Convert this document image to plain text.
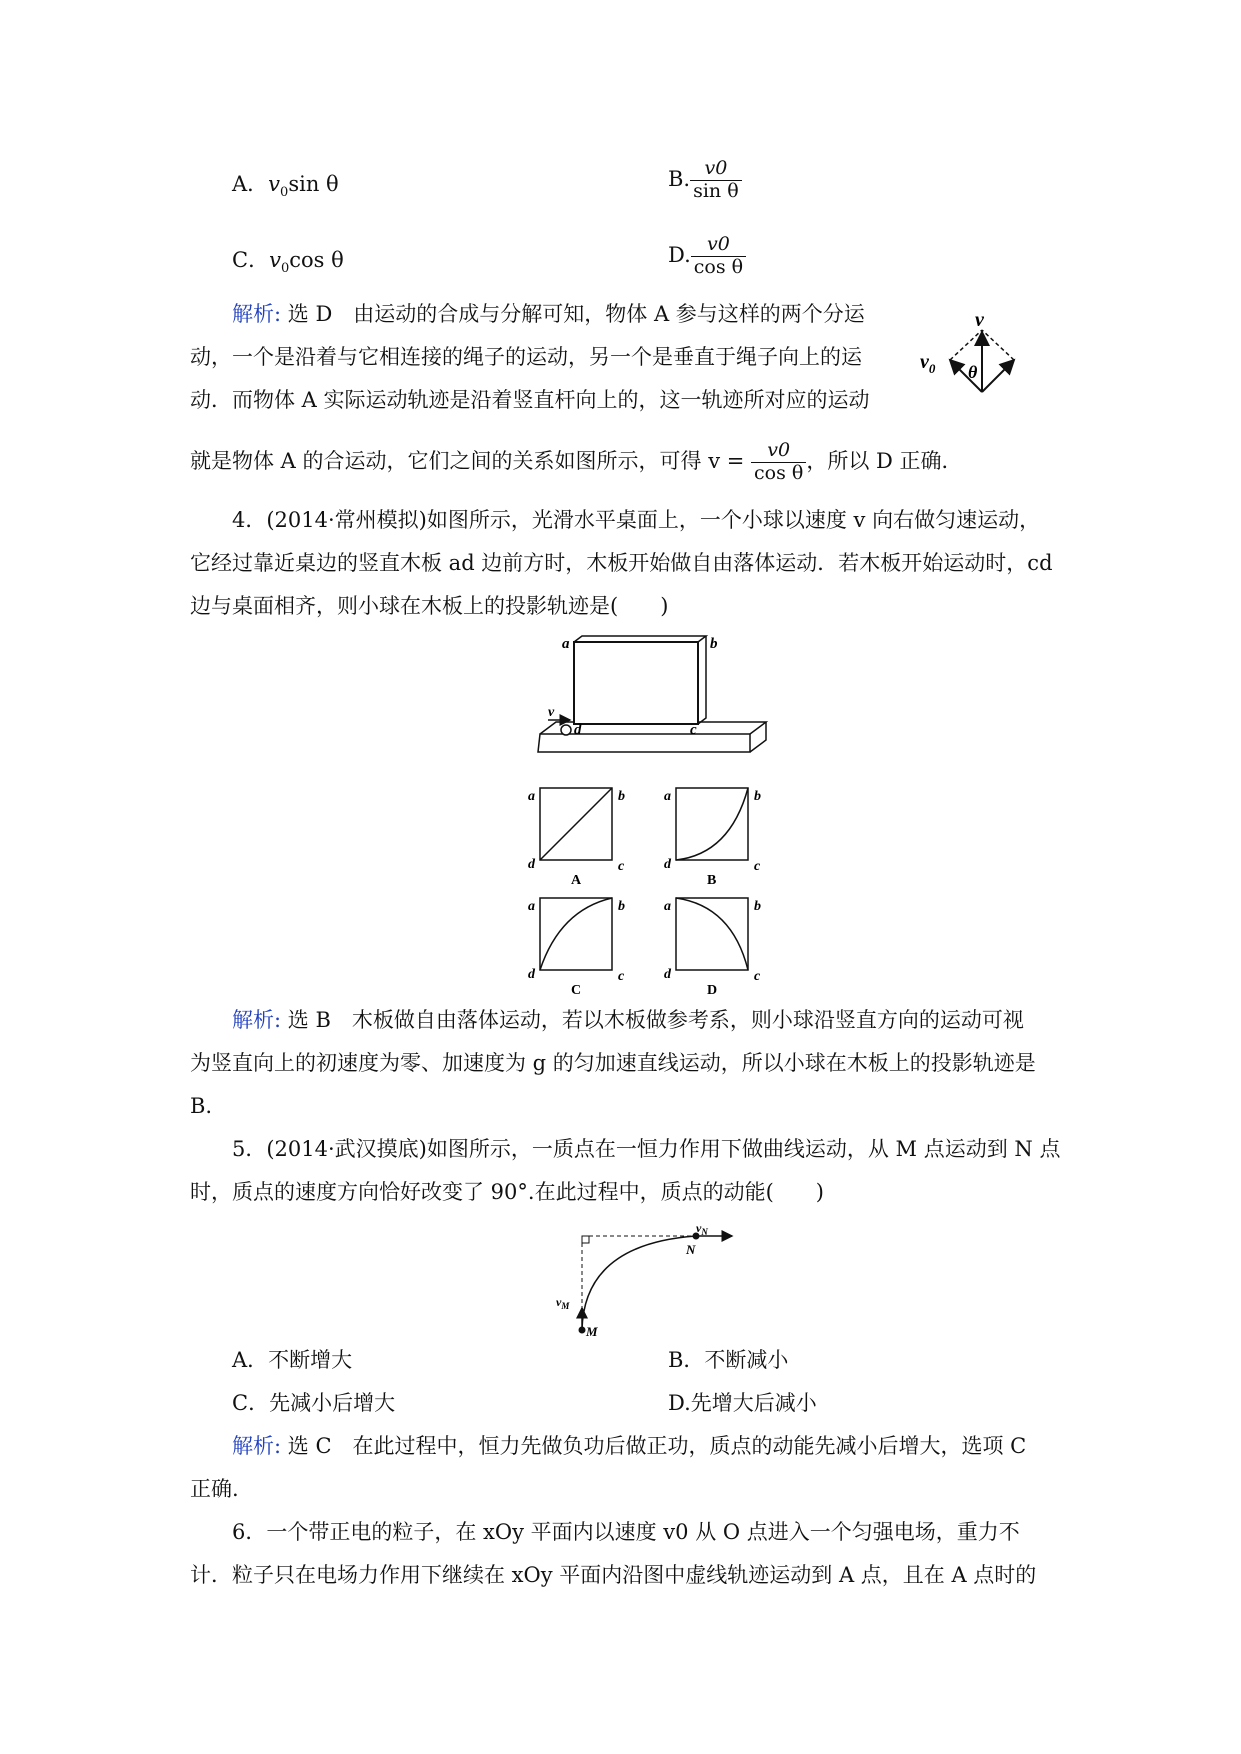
A．$v_0\sin$ θ	B. $\frac{v0}{\text{sin θ}}$
C．$v_0\cos$ θ	D. $\frac{v0}{\text{cos θ}}$
解析: 选 D　由运动的合成与分解可知，物体 A 参与这样的两个分运
动，一个是沿着与它相连接的绳子的运动，另一个是垂直于绳子向上的运
动．而物体 A 实际运动轨迹是沿着竖直杆向上的，这一轨迹所对应的运动
就是物体 A 的合运动，它们之间的关系如图所示，可得 $v = \frac{v0}{\text{cos θ}}$ ，所以 D 正确．
v
$v_0$ θ
4．(2014·常州模拟)如图所示，光滑水平桌面上，一个小球以速度 v 向右做匀速运动，
它经过靠近桌边的竖直木板 ad 边前方时，木板开始做自由落体运动．若木板开始运动时，cd
边与桌面相齐，则小球在木板上的投影轨迹是(　　)
v
a	b
d	c
a	b
d	c
A
a	b
d	c
B
a	b
d	c
C
a	b
d	c
D
解析: 选 B　木板做自由落体运动，若以木板做参考系，则小球沿竖直方向的运动可视
为竖直向上的初速度为零、加速度为 g 的匀加速直线运动，所以小球在木板上的投影轨迹是
B.
5．(2014·武汉摸底)如图所示，一质点在一恒力作用下做曲线运动，从 M 点运动到 N 点
时，质点的速度方向恰好改变了 90°.在此过程中，质点的动能(　　)
$v_N$
N
$v_M$
M
A．不断增大	B．不断减小
C．先减小后增大	D.先增大后减小
解析: 选 C　在此过程中，恒力先做负功后做正功，质点的动能先减小后增大，选项 C
正确.
6．一个带正电的粒子，在 xOy 平面内以速度 v0 从 O 点进入一个匀强电场，重力不
计．粒子只在电场力作用下继续在 xOy 平面内沿图中虚线轨迹运动到 A 点，且在 A 点时的
